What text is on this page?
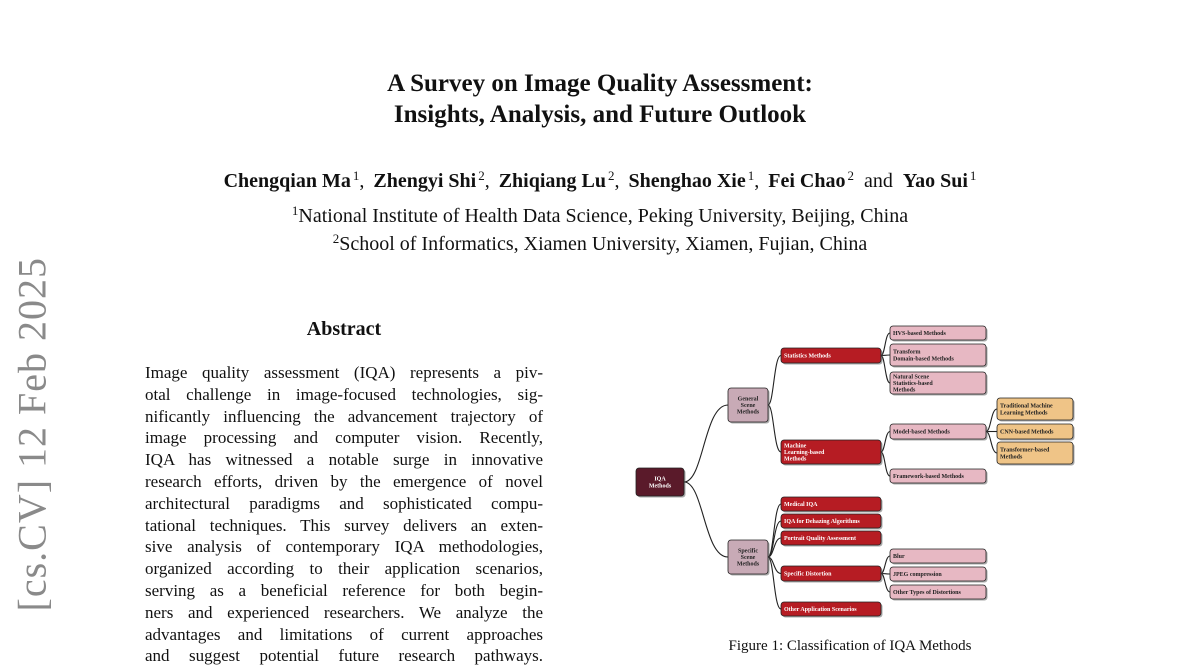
A Survey on Image Quality Assessment:
Insights, Analysis, and Future Outlook
Chengqian Ma $^1$, Zhengyi Shi $^2$, Zhiqiang Lu $^2$, Shenghao Xie $^1$, Fei Chao $^2$ and Yao Sui $^1$
$^1$National Institute of Health Data Science, Peking University, Beijing, China
$^2$School of Informatics, Xiamen University, Xiamen, Fujian, China
[cs.CV] 12 Feb 2025	Abstract
Image quality assessment (IQA) represents a piv-
otal challenge in image-focused technologies, sig-
nificantly influencing the advancement trajectory of
image processing and computer vision. Recently,
IQA has witnessed a notable surge in innovative
research efforts, driven by the emergence of novel
architectural paradigms and sophisticated compu-
tational techniques. This survey delivers an exten-
sive analysis of contemporary IQA methodologies,
organized according to their application scenarios,
serving as a beneficial reference for both begin-
ners and experienced researchers. We analyze the
advantages and limitations of current approaches
and suggest potential future research pathways.
IQA Methods
General Scene Methods
Specific Scene Methods
Statistics Methods
Machine Learning-based Methods
HVS-based Methods
Transform Domain-based Methods
Natural Scene Statistics-based Methods
Model-based Methods
Framework-based Methods
Traditional Machine Learning Methods
CNN-based Methods
Transformer-based Methods
Medical IQA
IQA for Dehazing Algorithms
Portrait Quality Assessment
Specific Distortion
Other Application Scenarios
Blur
JPEG compression
Other Types of Distortions
Figure 1: Classification of IQA Methods
